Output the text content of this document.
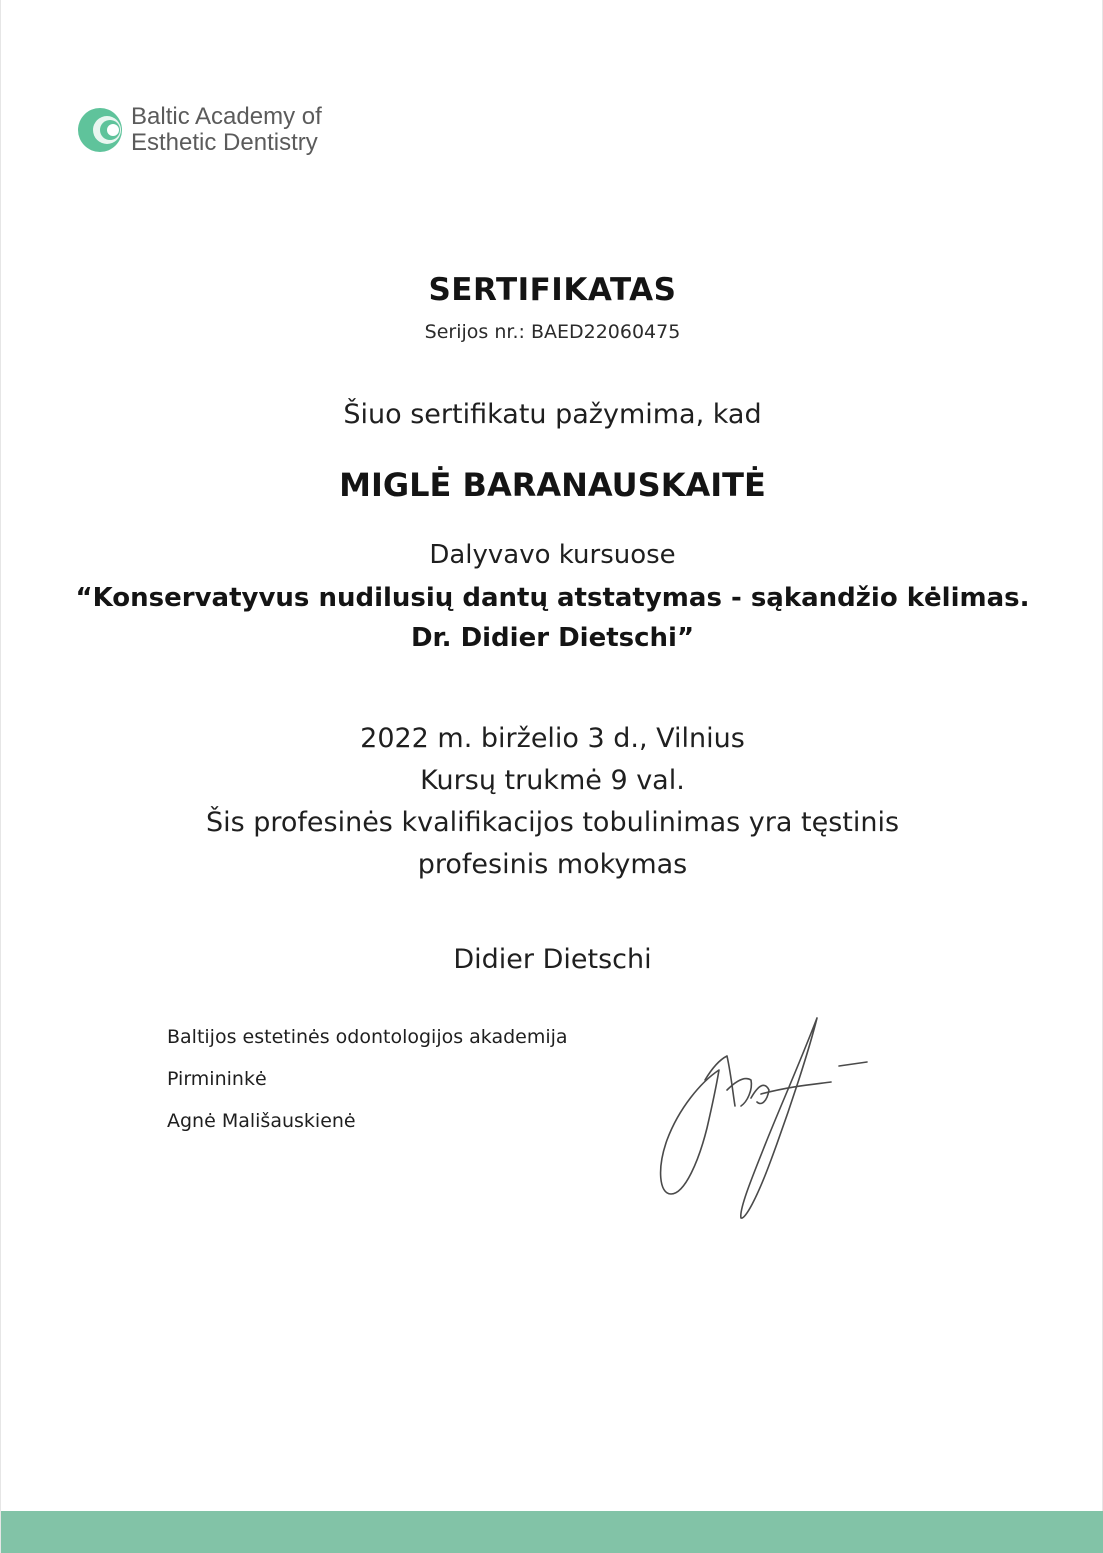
Baltic Academy of
Esthetic Dentistry
SERTIFIKATAS
Serijos nr.: BAED22060475
Šiuo sertifikatu pažymima, kad
MIGLĖ BARANAUSKAITĖ
Dalyvavo kursuose
“Konservatyvus nudilusių dantų atstatymas - sąkandžio kėlimas.
Dr. Didier Dietschi”
2022 m. birželio 3 d., Vilnius
Kursų trukmė 9 val.
Šis profesinės kvalifikacijos tobulinimas yra tęstinis
profesinis mokymas
Didier Dietschi
Baltijos estetinės odontologijos akademija
Pirmininkė
Agnė Mališauskienė
